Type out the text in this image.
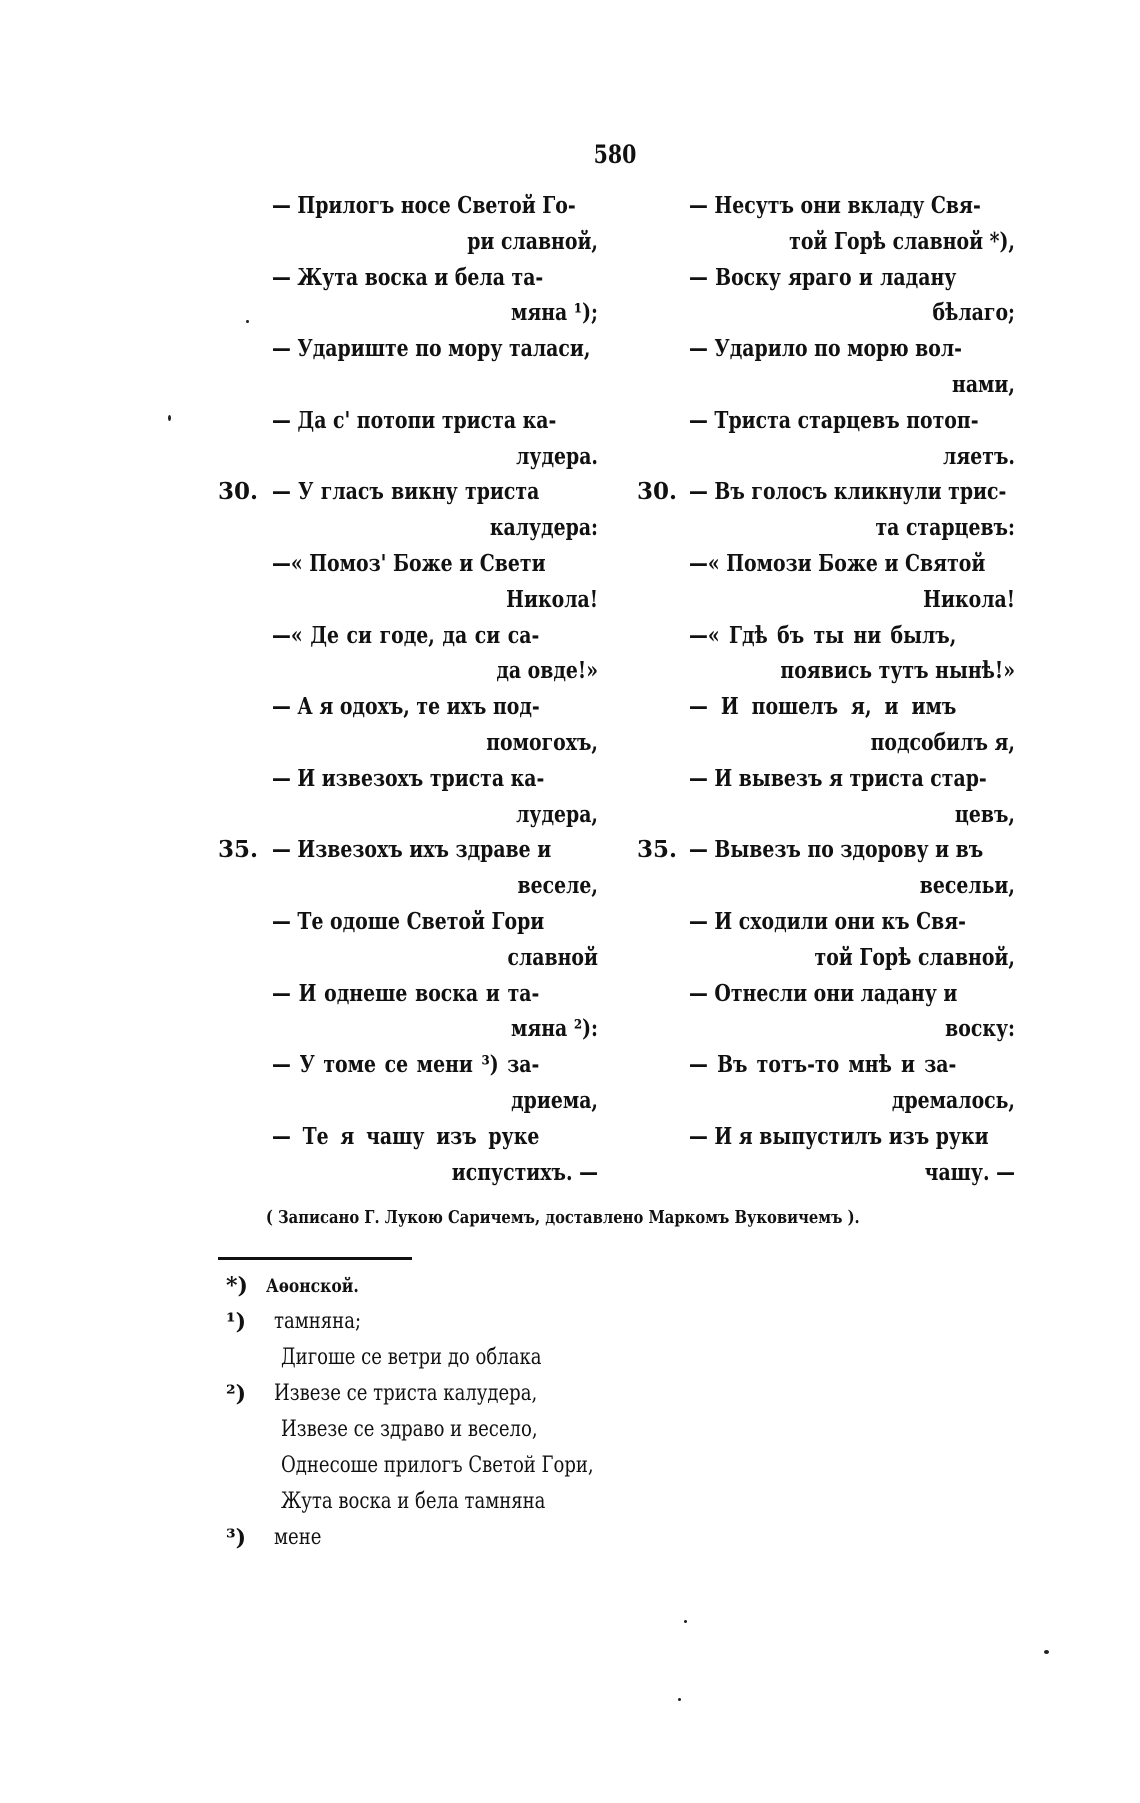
580
— Прилогъ носе Светой Го-
ри славной,
— Жута воска и бела та-
мяна ¹);
— Удариште по мору таласи,
— Да с' потопи триста ка-
лудера.
30. — У гласъ викну триста
калудера:
—« Помоз' Боже и Свети
Никола!
—« Де си годе, да си са-
да овде!»
— А я одохъ, те ихъ под-
помогохъ,
— И извезохъ триста ка-
лудера,
35. — Извезохъ ихъ здраве и
веселе,
— Те одоше Светой Гори
славной
— И однеше воска и та-
мяна ²):
— У томе се мени ³) за-
дриема,
— Те я чашу изъ руке
испустихъ. —
— Несутъ они вкладу Свя-
той Горѣ славной *),
— Воску яраго и ладану
бѣлаго;
— Ударило по морю вол-
нами,
— Триста старцевъ потоп-
ляетъ.
30. — Въ голосъ кликнули трис-
та старцевъ:
—« Помози Боже и Святой
Никола!
—« Гдѣ бъ ты ни былъ,
появись тутъ нынѣ!»
— И пошелъ я, и имъ
подсобилъ я,
— И вывезъ я триста стар-
цевъ,
35. — Вывезъ по здорову и въ
весельи,
— И сходили они къ Свя-
той Горѣ славной,
— Отнесли они ладану и
воску:
— Въ тотъ-то мнѣ и за-
дремалось,
— И я выпустилъ изъ руки
чашу. —
( Записано Г. Лукою Саричемъ, доставлено Маркомъ Вуковичемъ ).
*) Аѳонской.
¹)	тамняна;
Дигоше се ветри до облака
²)	Извезе се триста калудера,
Извезе се здраво и весело,
Однесоше прилогъ Светой Гори,
Жута воска и бела тамняна
³)	мене
